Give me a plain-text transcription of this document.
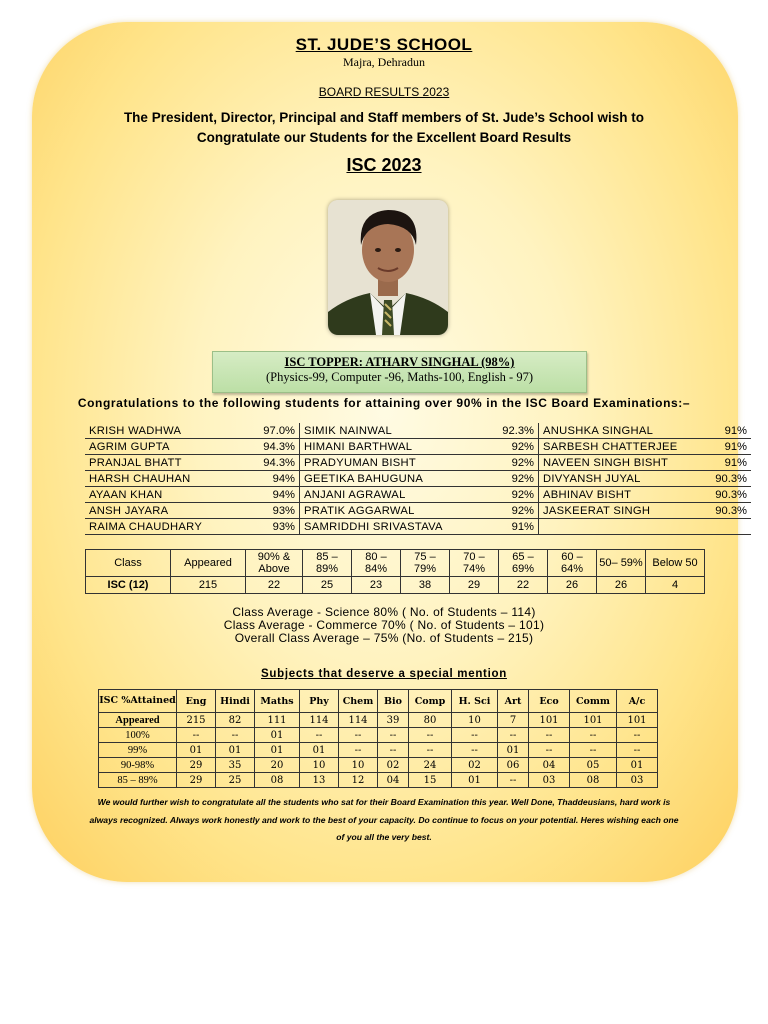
ST. JUDE’S SCHOOL
Majra, Dehradun
BOARD RESULTS 2023
The President, Director, Principal and Staff members of St. Jude’s School wish to
Congratulate our Students for the Excellent Board Results
ISC 2023
ISC TOPPER: ATHARV SINGHAL (98%)
(Physics-99, Computer -96, Maths-100, English - 97)
Congratulations to the following students for attaining over 90% in the ISC Board Examinations:–
KRISH WADHWA	97.0%	SIMIK NAINWAL	92.3%	ANUSHKA SINGHAL	91%
AGRIM GUPTA	94.3%	HIMANI BARTHWAL	92%	SARBESH CHATTERJEE	91%
PRANJAL BHATT	94.3%	PRADYUMAN BISHT	92%	NAVEEN SINGH BISHT	91%
HARSH CHAUHAN	94%	GEETIKA BAHUGUNA	92%	DIVYANSH JUYAL	90.3%
AYAAN KHAN	94%	ANJANI AGRAWAL	92%	ABHINAV BISHT	90.3%
ANSH JAYARA	93%	PRATIK AGGARWAL	92%	JASKEERAT SINGH	90.3%
RAIMA CHAUDHARY	93%	SAMRIDDHI SRIVASTAVA	91%		
Class	Appeared	90% & Above	85 – 89%	80 – 84%	75 – 79%	70 – 74%	65 – 69%	60 – 64%	50– 59%	Below 50
ISC (12)	215	22	25	23	38	29	22	26	26	4
Class Average - Science 80% ( No. of Students – 114)
Class Average - Commerce 70% ( No. of Students – 101)
Overall Class Average – 75% (No. of Students – 215)
Subjects that deserve a special mention
ISC %Attained	Eng	Hindi	Maths	Phy	Chem	Bio	Comp	H. Sci	Art	Eco	Comm	A/c
Appeared	215	82	111	114	114	39	80	10	7	101	101	101
100%	--	--	01	--	--	--	--	--	--	--	--	--
99%	01	01	01	01	--	--	--	--	01	--	--	--
90-98%	29	35	20	10	10	02	24	02	06	04	05	01
85 – 89%	29	25	08	13	12	04	15	01	--	03	08	03
We would further wish to congratulate all the students who sat for their Board Examination this year. Well Done, Thaddeusians, hard work is
always recognized. Always work honestly and work to the best of your capacity. Do continue to focus on your potential. Heres wishing each one
of you all the very best.
